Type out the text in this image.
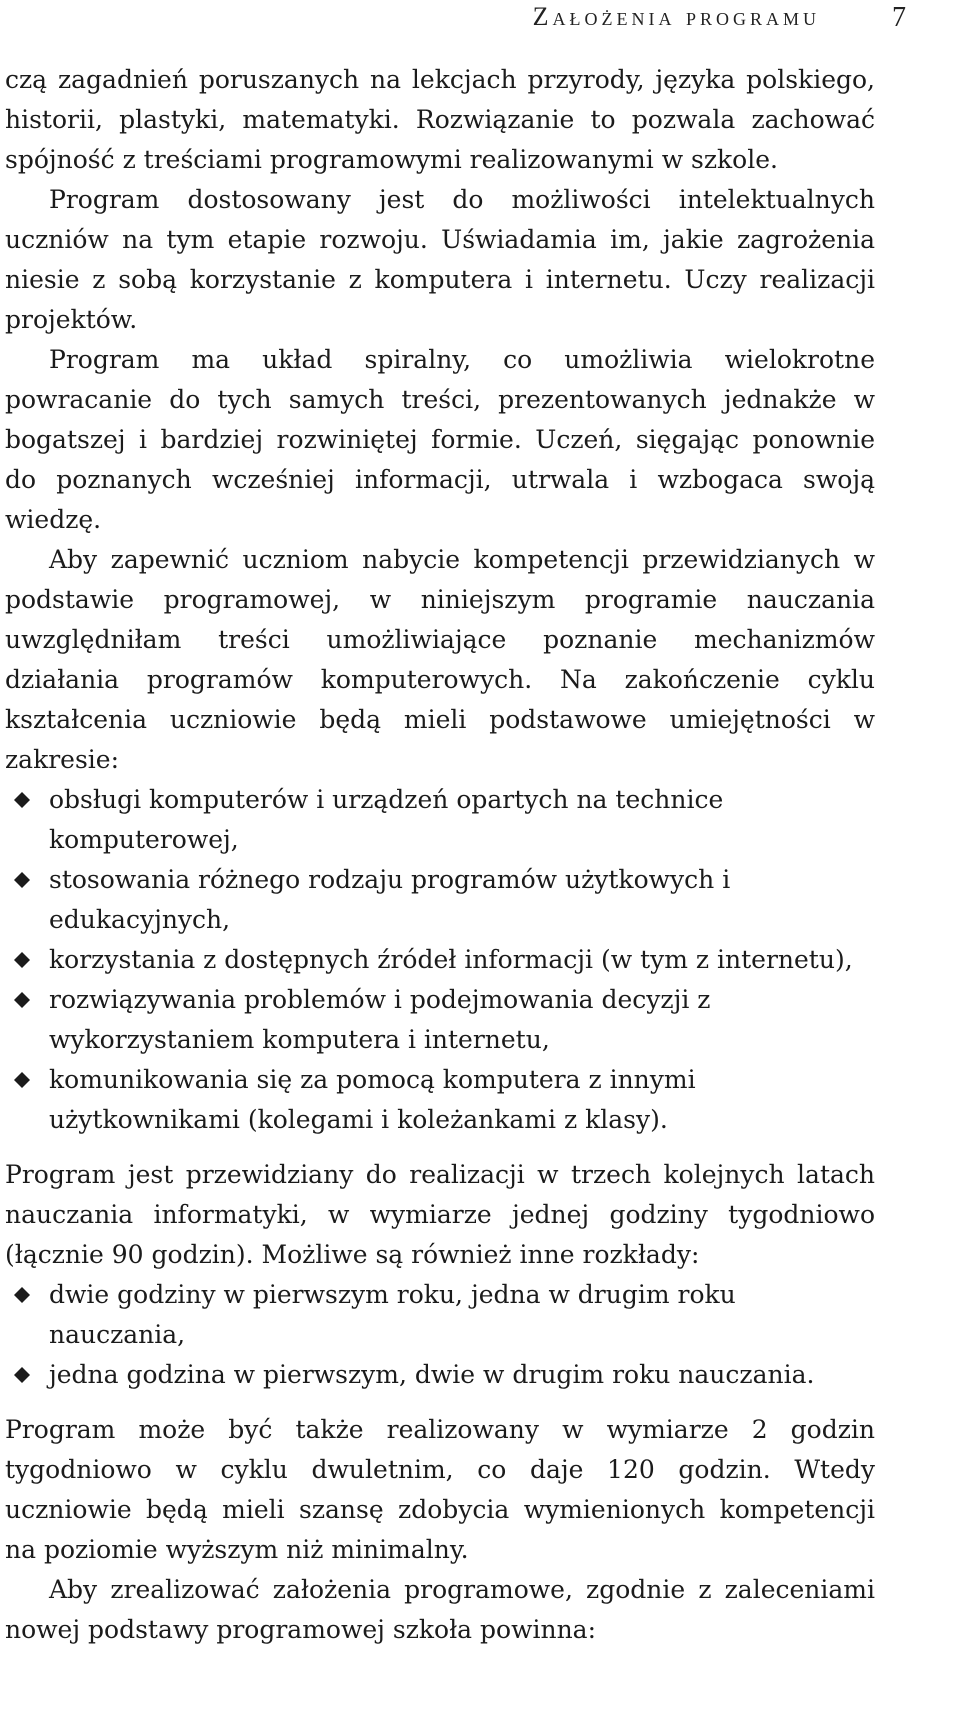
Założenia programu	7

czą zagadnień poruszanych na lekcjach przyrody, języka polskiego, historii, plastyki, matematyki. Rozwiązanie to pozwala zachować spójność z treściami programowymi realizowanymi w szkole.

Program dostosowany jest do możliwości intelektualnych uczniów na tym etapie rozwoju. Uświadamia im, jakie zagrożenia niesie z sobą korzystanie z komputera i internetu. Uczy realizacji projektów.

Program ma układ spiralny, co umożliwia wielokrotne powracanie do tych samych treści, prezentowanych jednakże w bogatszej i bardziej rozwiniętej formie. Uczeń, sięgając ponownie do poznanych wcześniej informacji, utrwala i wzbogaca swoją wiedzę.

Aby zapewnić uczniom nabycie kompetencji przewidzianych w podstawie programowej, w niniejszym programie nauczania uwzględniłam treści umożliwiające poznanie mechanizmów działania programów komputerowych. Na zakończenie cyklu kształcenia uczniowie będą mieli podstawowe umiejętności w zakresie:

obsługi komputerów i urządzeń opartych na technice komputerowej,
stosowania różnego rodzaju programów użytkowych i edukacyjnych,
korzystania z dostępnych źródeł informacji (w tym z internetu),
rozwiązywania problemów i podejmowania decyzji z wykorzystaniem komputera i internetu,
komunikowania się za pomocą komputera z innymi użytkownikami (kolegami i koleżankami z klasy).

Program jest przewidziany do realizacji w trzech kolejnych latach nauczania informatyki, w wymiarze jednej godziny tygodniowo (łącznie 90 godzin). Możliwe są również inne rozkłady:

dwie godziny w pierwszym roku, jedna w drugim roku nauczania,
jedna godzina w pierwszym, dwie w drugim roku nauczania.

Program może być także realizowany w wymiarze 2 godzin tygodniowo w cyklu dwuletnim, co daje 120 godzin. Wtedy uczniowie będą mieli szansę zdobycia wymienionych kompetencji na poziomie wyższym niż minimalny.

Aby zrealizować założenia programowe, zgodnie z zaleceniami nowej podstawy programowej szkoła powinna:
